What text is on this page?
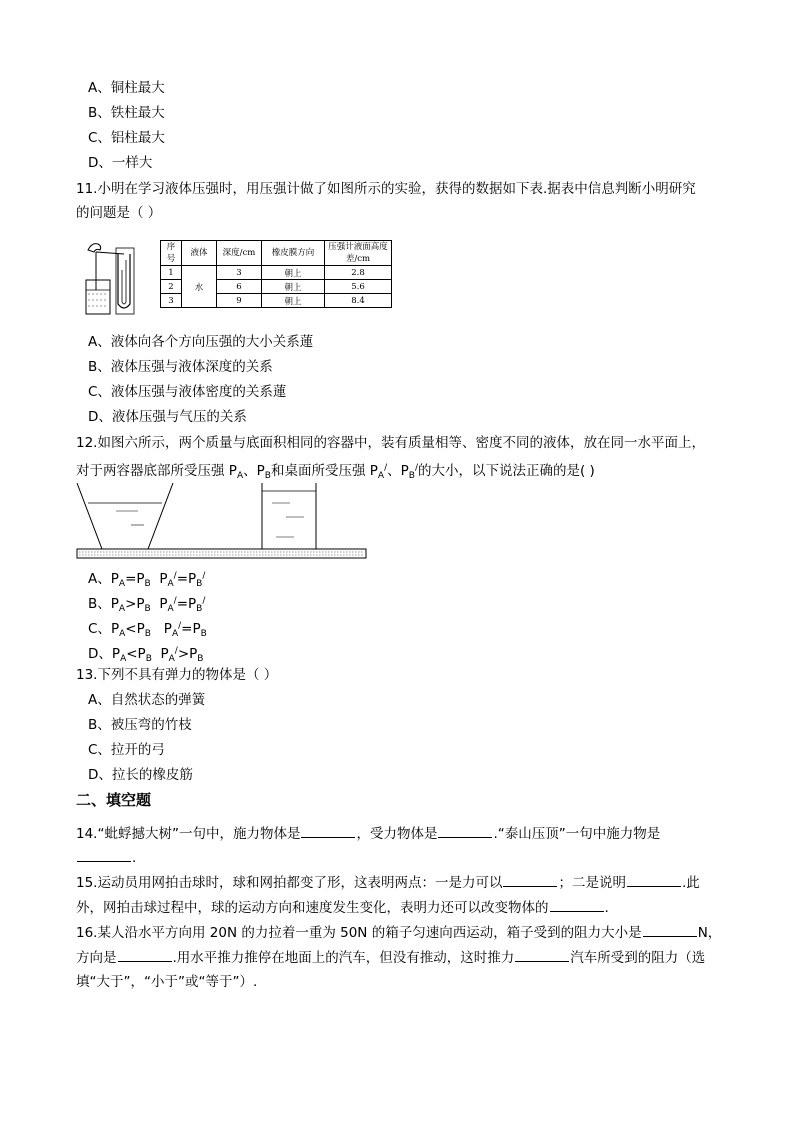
A、铜柱最大
B、铁柱最大
C、铝柱最大
D、一样大
11.小明在学习液体压强时，用压强计做了如图所示的实验，获得的数据如下表.据表中信息判断小明研究
的问题是（ ）
序号	液体	深度/cm	橡皮膜方向	压强计液面高度差/cm
1	水	3	朝上	2.8
2		6	朝上	5.6
3		9	朝上	8.4
A、液体向各个方向压强的大小关系蓮
B、液体压强与液体深度的关系
C、液体压强与液体密度的关系蓮
D、液体压强与气压的关系
12.如图六所示，两个质量与底面积相同的容器中，装有质量相等、密度不同的液体，放在同一水平面上，
对于两容器底部所受压强 $P_A$、$P_B$和桌面所受压强 $P_A^/$、$P_B^/$的大小，以下说法正确的是( )
A、$P_A=P_B$ $P_A^/=P_B^/$
B、$P_A>P_B$ $P_A^/=P_B^/$
C、$P_A<P_B$ $P_A^/=P_B$
D、$P_A<P_B$ $P_A^/>P_B$
13.下列不具有弹力的物体是（ ）
A、自然状态的弹簧
B、被压弯的竹枝
C、拉开的弓
D、拉长的橡皮筋
二、填空题
14.“蚍蜉撼大树”一句中，施力物体是	，受力物体是	.“泰山压顶”一句中施力物是
.
15.运动员用网拍击球时，球和网拍都变了形，这表明两点：一是力可以	；二是说明	.此
外，网拍击球过程中，球的运动方向和速度发生变化，表明力还可以改变物体的	.
16.某人沿水平方向用 20N 的力拉着一重为 50N 的箱子匀速向西运动，箱子受到的阻力大小是	N，
方向是	.用水平推力推停在地面上的汽车，但没有推动，这时推力	汽车所受到的阻力（选
填“大于”，“小于”或“等于”）.
